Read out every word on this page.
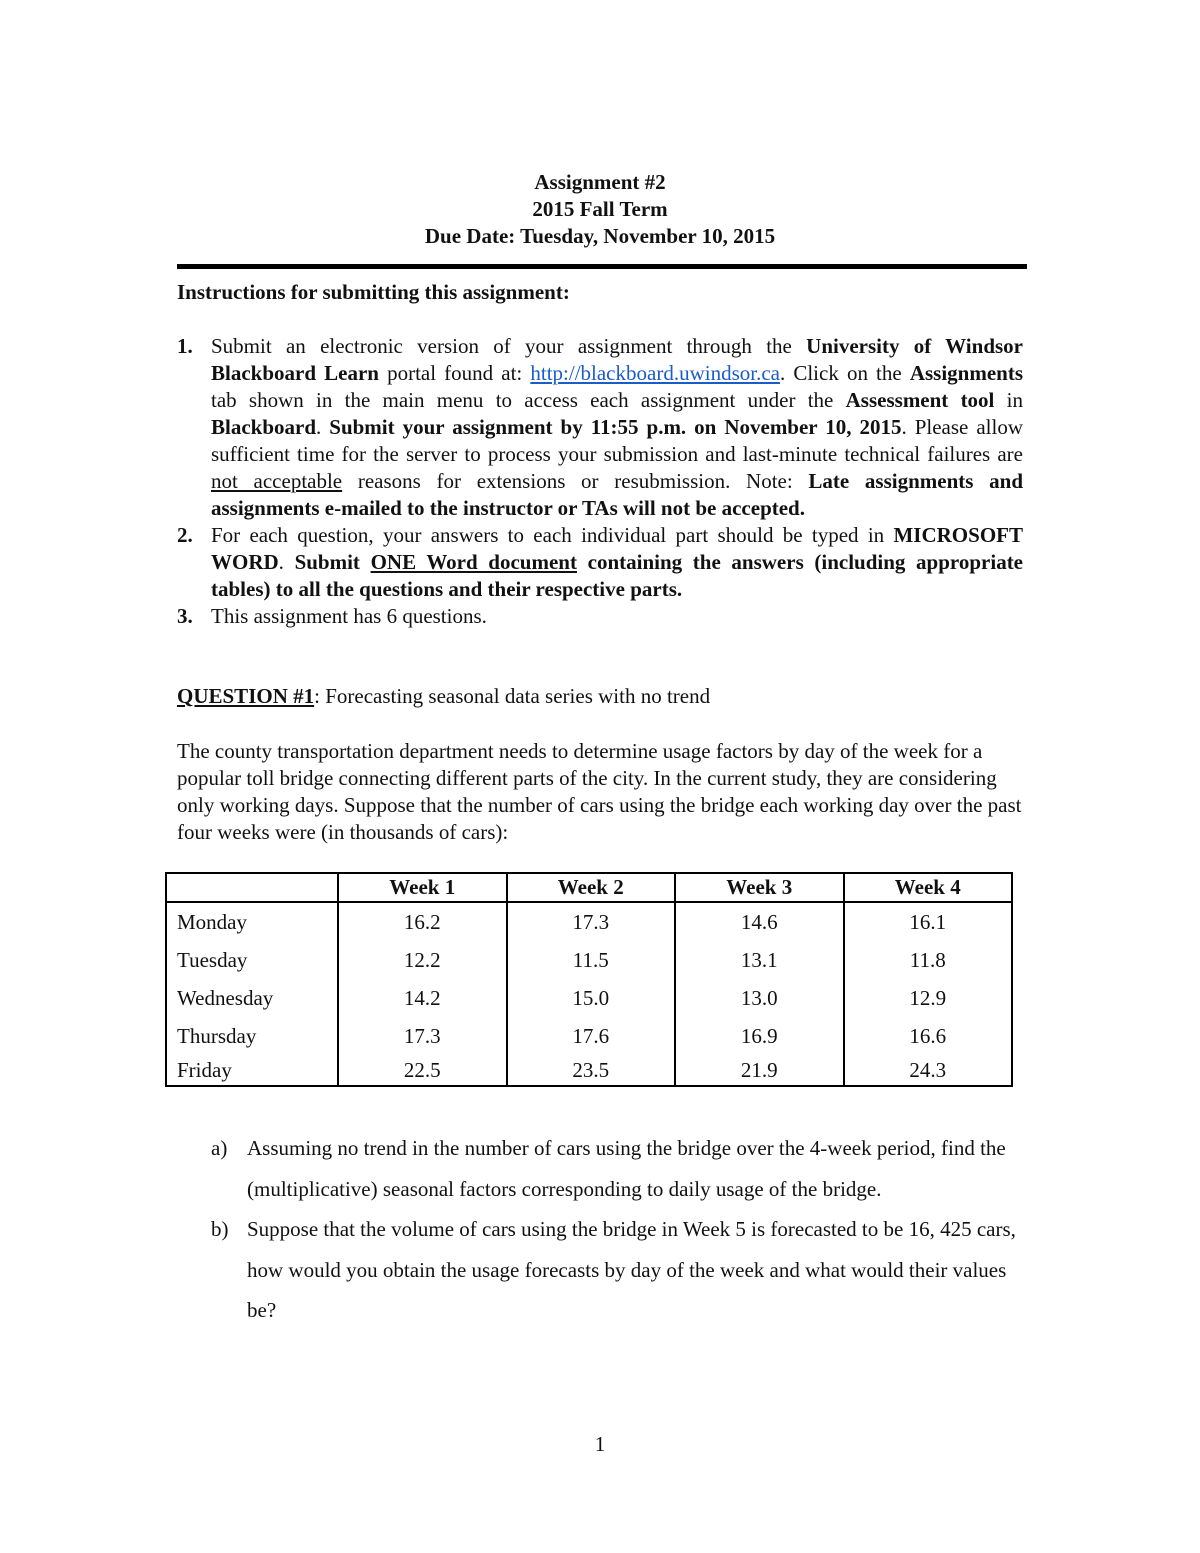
Assignment #2
2015 Fall Term
Due Date: Tuesday, November 10, 2015
Instructions for submitting this assignment:
1. Submit an electronic version of your assignment through the University of Windsor Blackboard Learn portal found at: http://blackboard.uwindsor.ca. Click on the Assignments tab shown in the main menu to access each assignment under the Assessment tool in Blackboard. Submit your assignment by 11:55 p.m. on November 10, 2015. Please allow sufficient time for the server to process your submission and last-minute technical failures are not acceptable reasons for extensions or resubmission. Note: Late assignments and assignments e-mailed to the instructor or TAs will not be accepted.
2. For each question, your answers to each individual part should be typed in MICROSOFT WORD. Submit ONE Word document containing the answers (including appropriate tables) to all the questions and their respective parts.
3. This assignment has 6 questions.
QUESTION #1: Forecasting seasonal data series with no trend
The county transportation department needs to determine usage factors by day of the week for a popular toll bridge connecting different parts of the city. In the current study, they are considering only working days. Suppose that the number of cars using the bridge each working day over the past four weeks were (in thousands of cars):
	Week 1	Week 2	Week 3	Week 4
Monday	16.2	17.3	14.6	16.1
Tuesday	12.2	11.5	13.1	11.8
Wednesday	14.2	15.0	13.0	12.9
Thursday	17.3	17.6	16.9	16.6
Friday	22.5	23.5	21.9	24.3
a) Assuming no trend in the number of cars using the bridge over the 4-week period, find the (multiplicative) seasonal factors corresponding to daily usage of the bridge.
b) Suppose that the volume of cars using the bridge in Week 5 is forecasted to be 16, 425 cars, how would you obtain the usage forecasts by day of the week and what would their values be?
1
